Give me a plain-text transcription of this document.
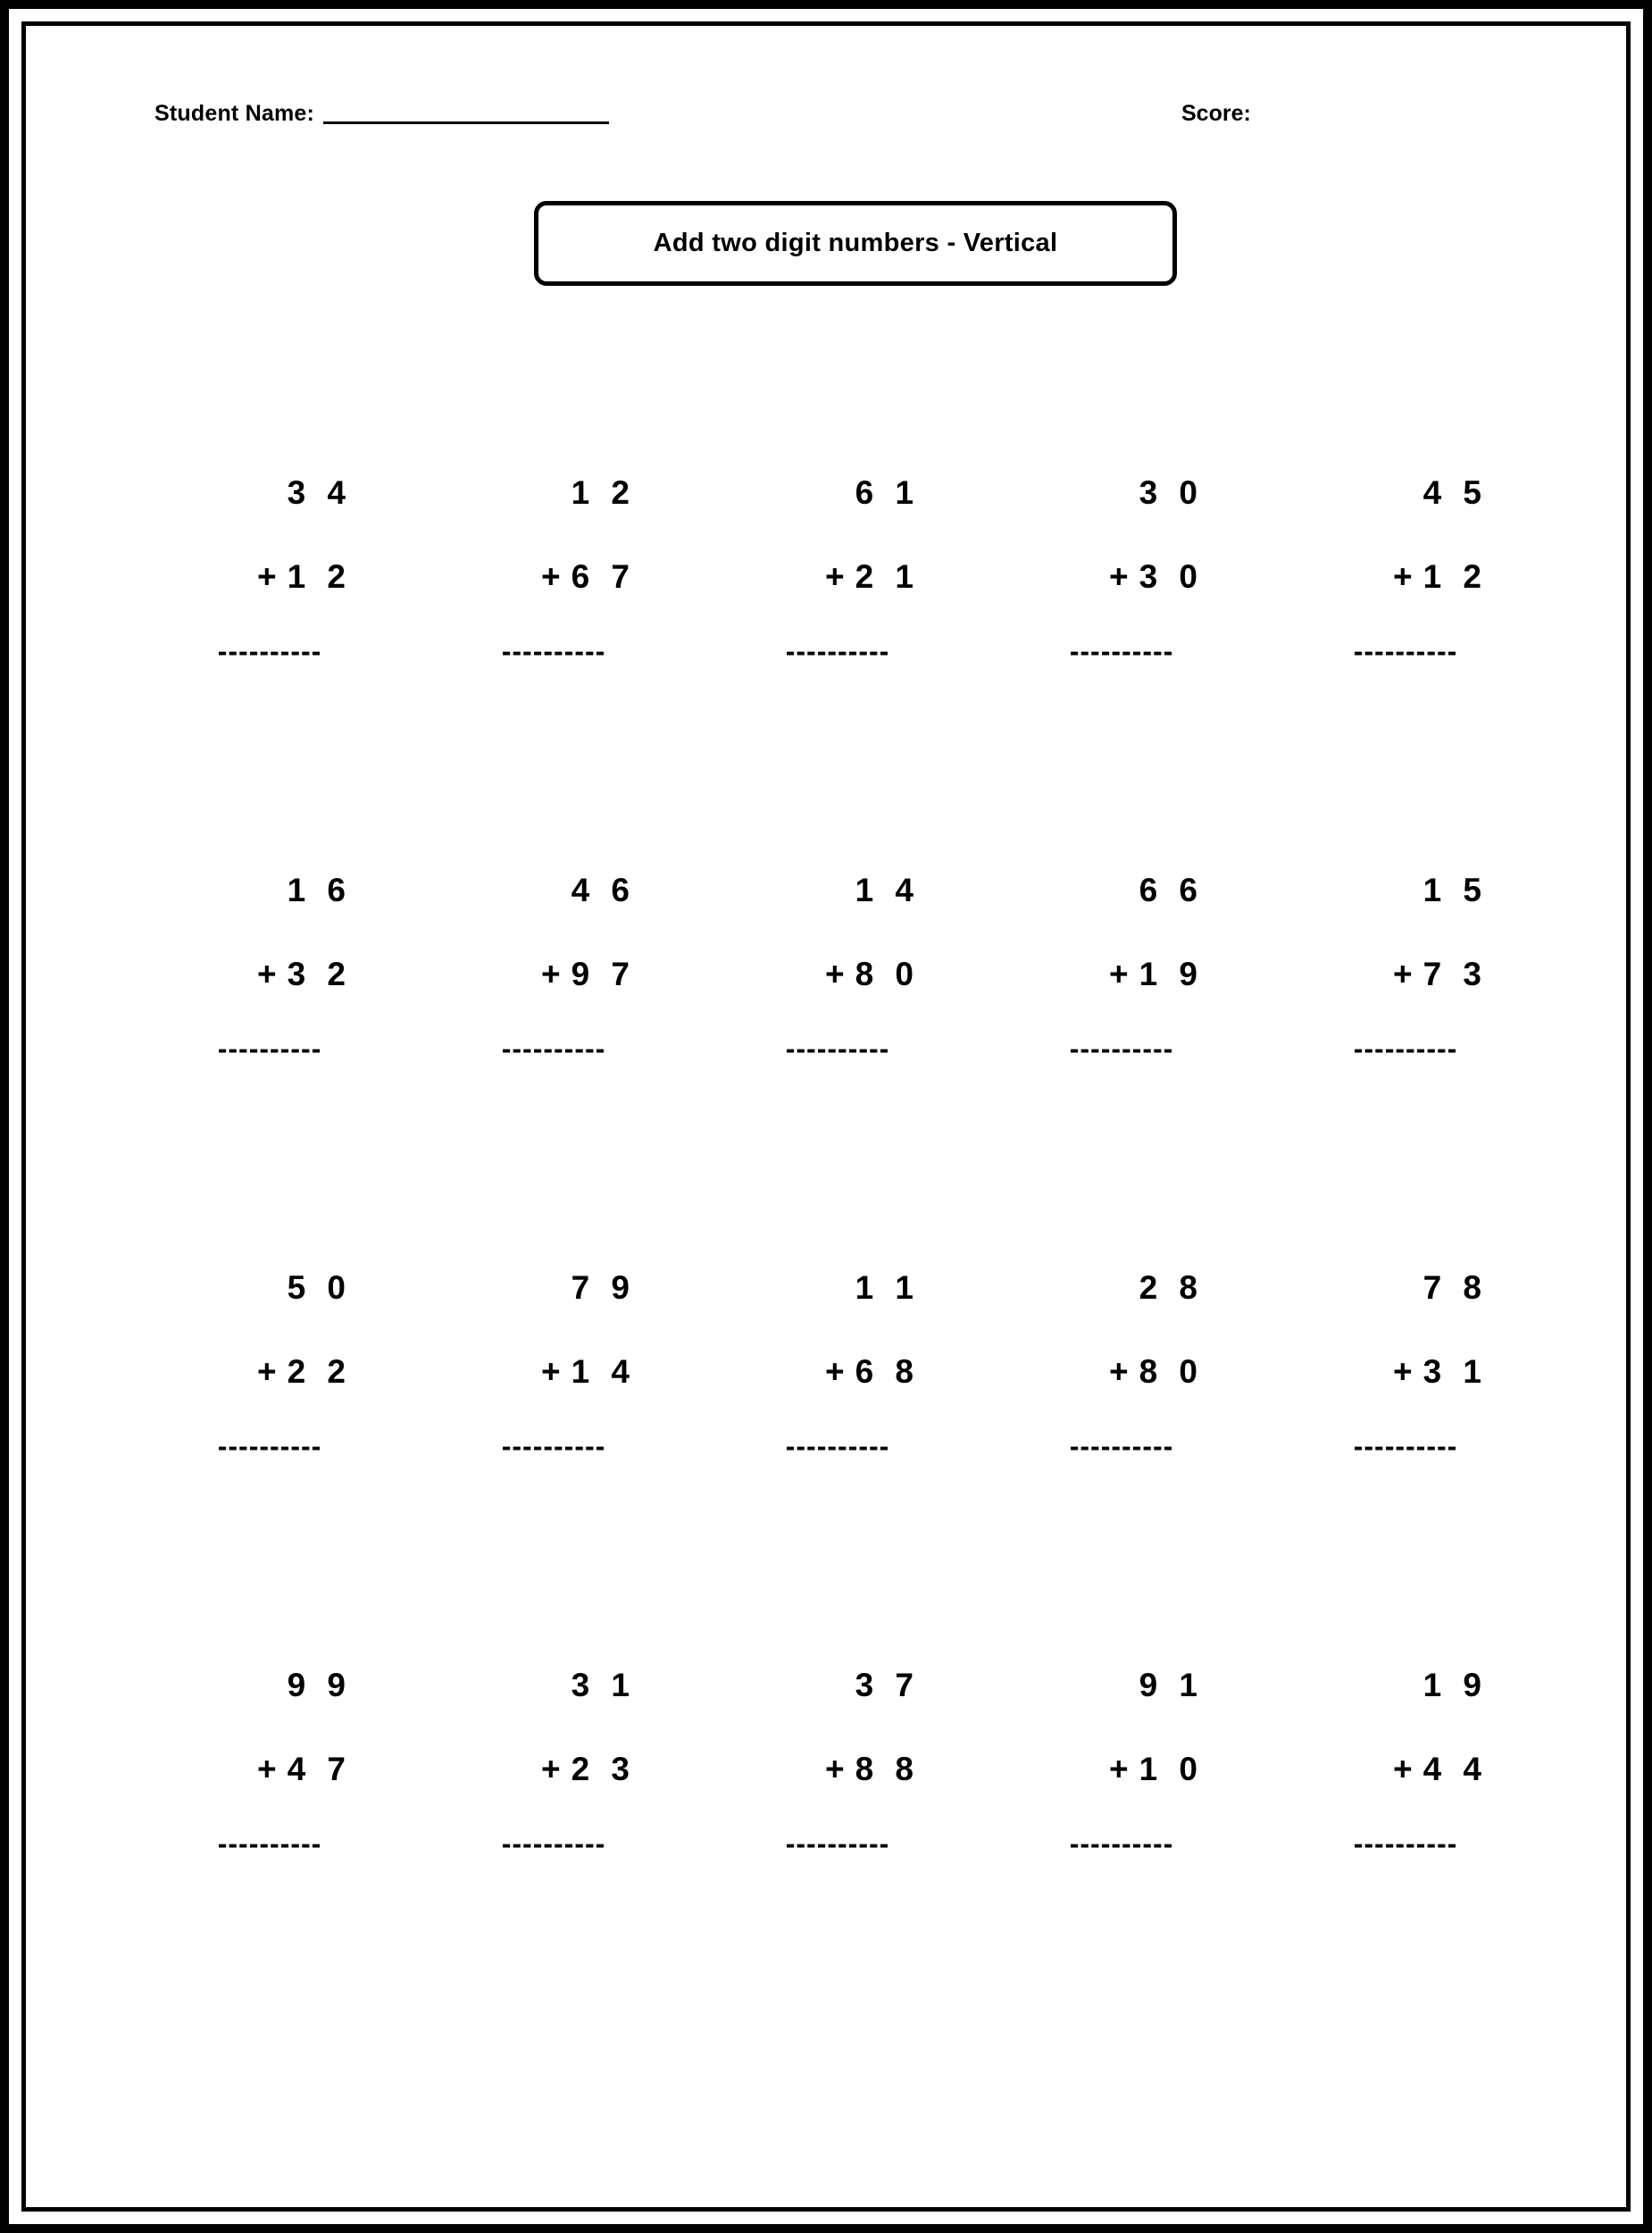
Student Name:	Score:
Add two digit numbers - Vertical
3 4
+ 1 2
----------
1 2
+ 6 7
----------
6 1
+ 2 1
----------
3 0
+ 3 0
----------
4 5
+ 1 2
----------
1 6
+ 3 2
----------
4 6
+ 9 7
----------
1 4
+ 8 0
----------
6 6
+ 1 9
----------
1 5
+ 7 3
----------
5 0
+ 2 2
----------
7 9
+ 1 4
----------
1 1
+ 6 8
----------
2 8
+ 8 0
----------
7 8
+ 3 1
----------
9 9
+ 4 7
----------
3 1
+ 2 3
----------
3 7
+ 8 8
----------
9 1
+ 1 0
----------
1 9
+ 4 4
----------
